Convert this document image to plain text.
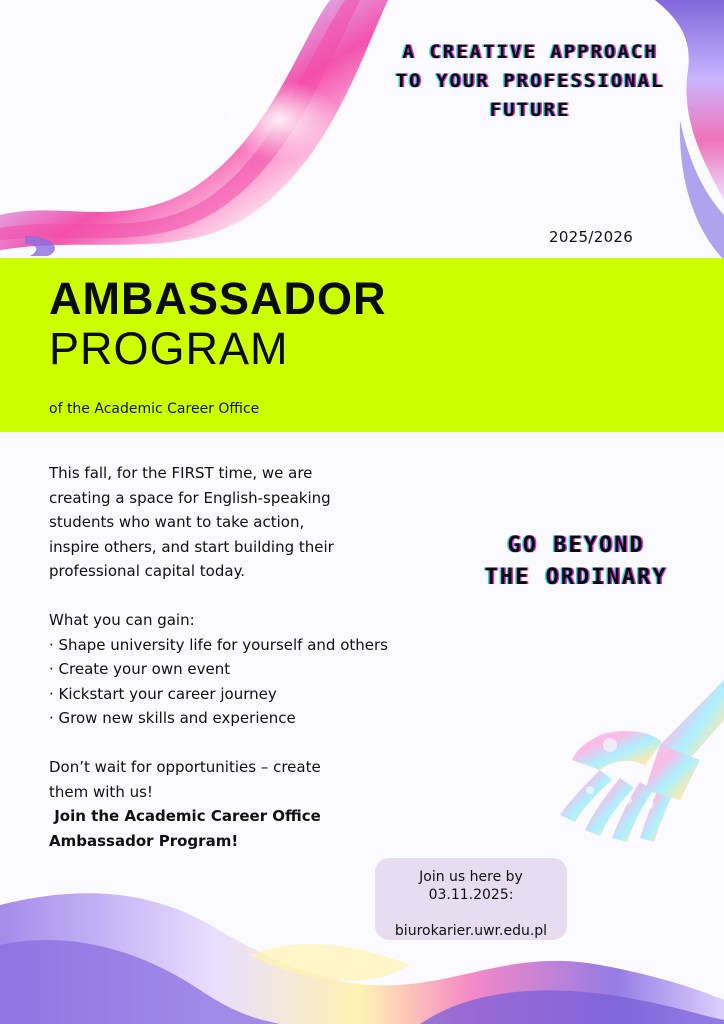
A CREATIVE APPROACH
TO YOUR PROFESSIONAL
FUTURE
2025/2026
AMBASSADOR
PROGRAM
of the Academic Career Office

This fall, for the FIRST time, we are

creating a space for English-speaking

students who want to take action,

inspire others, and start building their

professional capital today.

What you can gain:

· Shape university life for yourself and others
· Create your own event
· Kickstart your career journey
· Grow new skills and experience

Don’t wait for opportunities – create

them with us!

Join the Academic Career Office

Ambassador Program!

GO BEYOND
THE ORDINARY
Join us here by
03.11.2025:
biurokarier.uwr.edu.pl
